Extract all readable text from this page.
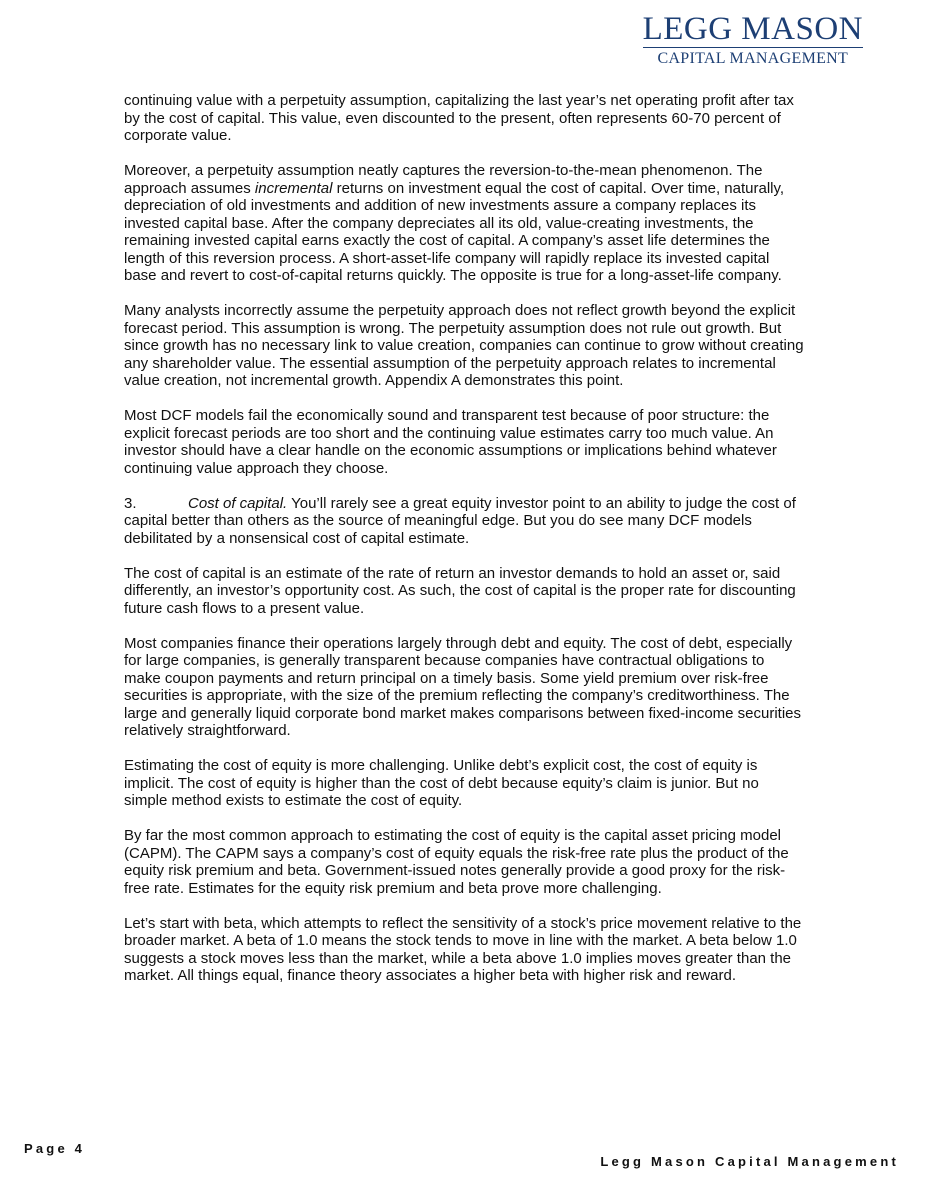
LEGG MASON
CAPITAL MANAGEMENT

continuing value with a perpetuity assumption, capitalizing the last year’s net operating profit after tax by the cost of capital. This value, even discounted to the present, often represents 60-70 percent of corporate value.

Moreover, a perpetuity assumption neatly captures the reversion-to-the-mean phenomenon. The approach assumes incremental returns on investment equal the cost of capital. Over time, naturally, depreciation of old investments and addition of new investments assure a company replaces its invested capital base. After the company depreciates all its old, value-creating investments, the remaining invested capital earns exactly the cost of capital. A company’s asset life determines the length of this reversion process. A short-asset-life company will rapidly replace its invested capital base and revert to cost-of-capital returns quickly. The opposite is true for a long-asset-life company.

Many analysts incorrectly assume the perpetuity approach does not reflect growth beyond the explicit forecast period. This assumption is wrong. The perpetuity assumption does not rule out growth. But since growth has no necessary link to value creation, companies can continue to grow without creating any shareholder value. The essential assumption of the perpetuity approach relates to incremental value creation, not incremental growth. Appendix A demonstrates this point.

Most DCF models fail the economically sound and transparent test because of poor structure: the explicit forecast periods are too short and the continuing value estimates carry too much value. An investor should have a clear handle on the economic assumptions or implications behind whatever continuing value approach they choose.

3.	Cost of capital. You’ll rarely see a great equity investor point to an ability to judge the cost of capital better than others as the source of meaningful edge. But you do see many DCF models debilitated by a nonsensical cost of capital estimate.

The cost of capital is an estimate of the rate of return an investor demands to hold an asset or, said differently, an investor’s opportunity cost. As such, the cost of capital is the proper rate for discounting future cash flows to a present value.

Most companies finance their operations largely through debt and equity. The cost of debt, especially for large companies, is generally transparent because companies have contractual obligations to make coupon payments and return principal on a timely basis. Some yield premium over risk-free securities is appropriate, with the size of the premium reflecting the company’s creditworthiness. The large and generally liquid corporate bond market makes comparisons between fixed-income securities relatively straightforward.

Estimating the cost of equity is more challenging. Unlike debt’s explicit cost, the cost of equity is implicit. The cost of equity is higher than the cost of debt because equity’s claim is junior. But no simple method exists to estimate the cost of equity.

By far the most common approach to estimating the cost of equity is the capital asset pricing model (CAPM). The CAPM says a company’s cost of equity equals the risk-free rate plus the product of the equity risk premium and beta. Government-issued notes generally provide a good proxy for the risk-free rate. Estimates for the equity risk premium and beta prove more challenging.

Let’s start with beta, which attempts to reflect the sensitivity of a stock’s price movement relative to the broader market. A beta of 1.0 means the stock tends to move in line with the market. A beta below 1.0 suggests a stock moves less than the market, while a beta above 1.0 implies moves greater than the market. All things equal, finance theory associates a higher beta with higher risk and reward.

Page 4
Legg Mason Capital Management
